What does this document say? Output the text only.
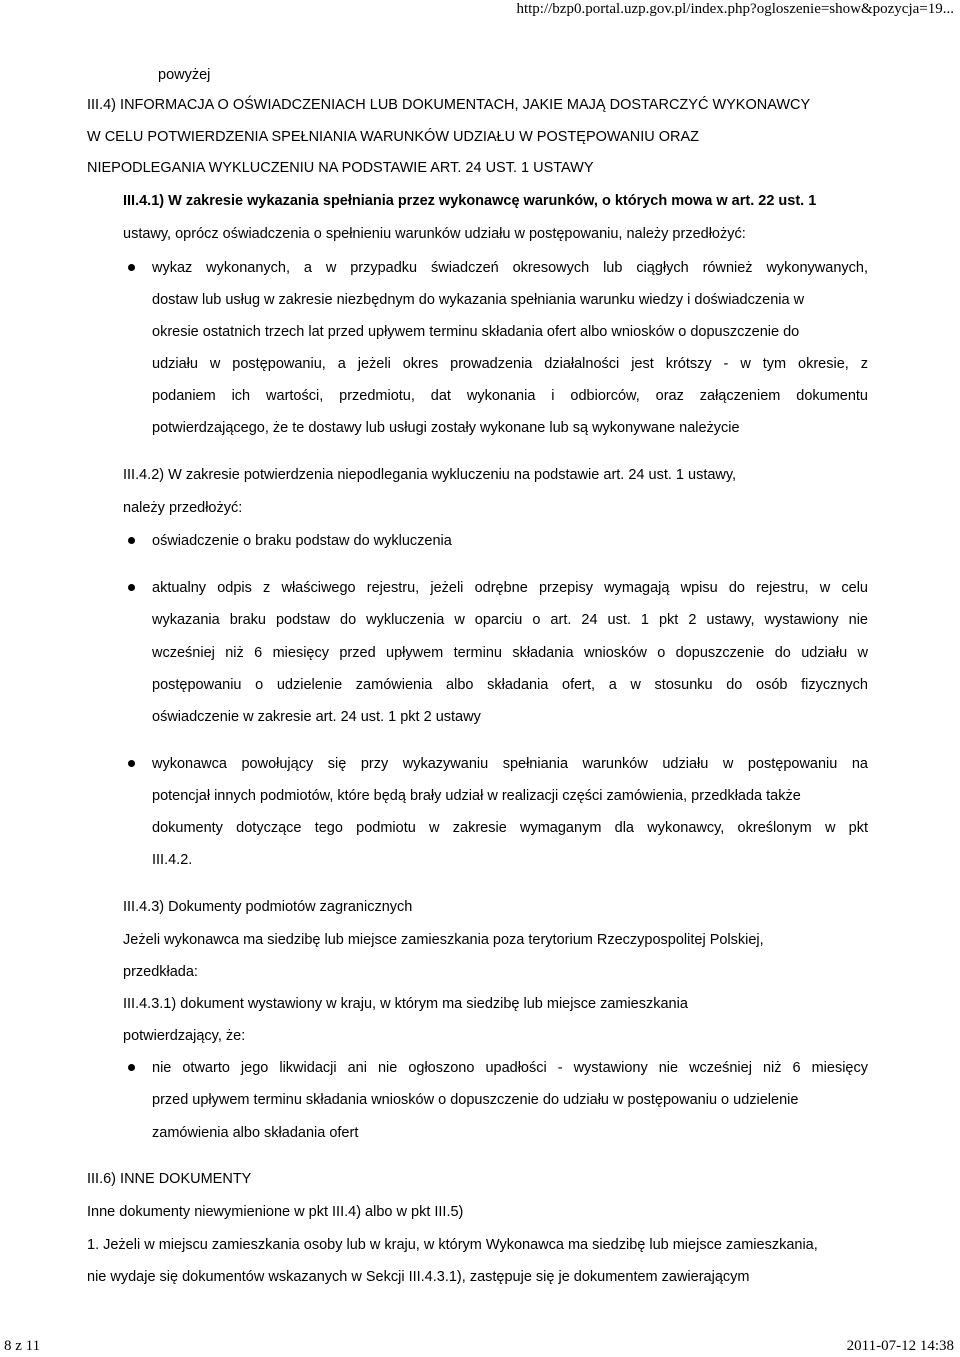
http://bzp0.portal.uzp.gov.pl/index.php?ogloszenie=show&pozycja=19...
powyżej
III.4) INFORMACJA O OŚWIADCZENIACH LUB DOKUMENTACH, JAKIE MAJĄ DOSTARCZYĆ WYKONAWCY
W CELU POTWIERDZENIA SPEŁNIANIA WARUNKÓW UDZIAŁU W POSTĘPOWANIU ORAZ
NIEPODLEGANIA WYKLUCZENIU NA PODSTAWIE ART. 24 UST. 1 USTAWY
III.4.1) W zakresie wykazania spełniania przez wykonawcę warunków, o których mowa w art. 22 ust. 1
ustawy, oprócz oświadczenia o spełnieniu warunków udziału w postępowaniu, należy przedłożyć:
wykaz wykonanych, a w przypadku świadczeń okresowych lub ciągłych również wykonywanych,
dostaw lub usług w zakresie niezbędnym do wykazania spełniania warunku wiedzy i doświadczenia w
okresie ostatnich trzech lat przed upływem terminu składania ofert albo wniosków o dopuszczenie do
udziału w postępowaniu, a jeżeli okres prowadzenia działalności jest krótszy - w tym okresie, z
podaniem ich wartości, przedmiotu, dat wykonania i odbiorców, oraz załączeniem dokumentu
potwierdzającego, że te dostawy lub usługi zostały wykonane lub są wykonywane należycie
III.4.2) W zakresie potwierdzenia niepodlegania wykluczeniu na podstawie art. 24 ust. 1 ustawy,
należy przedłożyć:
oświadczenie o braku podstaw do wykluczenia
aktualny odpis z właściwego rejestru, jeżeli odrębne przepisy wymagają wpisu do rejestru, w celu
wykazania braku podstaw do wykluczenia w oparciu o art. 24 ust. 1 pkt 2 ustawy, wystawiony nie
wcześniej niż 6 miesięcy przed upływem terminu składania wniosków o dopuszczenie do udziału w
postępowaniu o udzielenie zamówienia albo składania ofert, a w stosunku do osób fizycznych
oświadczenie w zakresie art. 24 ust. 1 pkt 2 ustawy
wykonawca powołujący się przy wykazywaniu spełniania warunków udziału w postępowaniu na
potencjał innych podmiotów, które będą brały udział w realizacji części zamówienia, przedkłada także
dokumenty dotyczące tego podmiotu w zakresie wymaganym dla wykonawcy, określonym w pkt
III.4.2.
III.4.3) Dokumenty podmiotów zagranicznych
Jeżeli wykonawca ma siedzibę lub miejsce zamieszkania poza terytorium Rzeczypospolitej Polskiej,
przedkłada:
III.4.3.1) dokument wystawiony w kraju, w którym ma siedzibę lub miejsce zamieszkania
potwierdzający, że:
nie otwarto jego likwidacji ani nie ogłoszono upadłości - wystawiony nie wcześniej niż 6 miesięcy
przed upływem terminu składania wniosków o dopuszczenie do udziału w postępowaniu o udzielenie
zamówienia albo składania ofert
III.6) INNE DOKUMENTY
Inne dokumenty niewymienione w pkt III.4) albo w pkt III.5)
1. Jeżeli w miejscu zamieszkania osoby lub w kraju, w którym Wykonawca ma siedzibę lub miejsce zamieszkania,
nie wydaje się dokumentów wskazanych w Sekcji III.4.3.1), zastępuje się je dokumentem zawierającym
8 z 11	2011-07-12 14:38
